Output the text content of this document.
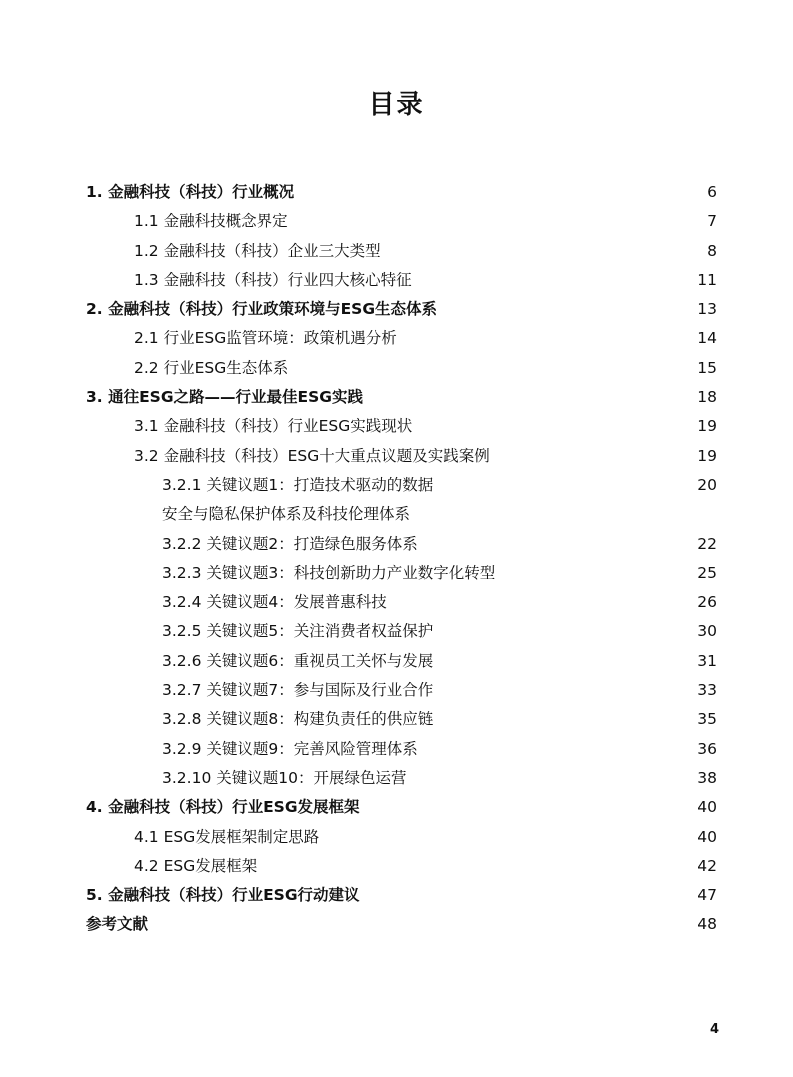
目录
1. 金融科技（科技）行业概况	6
1.1 金融科技概念界定	7
1.2 金融科技（科技）企业三大类型	8
1.3 金融科技（科技）行业四大核心特征	11
2. 金融科技（科技）行业政策环境与ESG生态体系	13
2.1 行业ESG监管环境：政策机遇分析	14
2.2 行业ESG生态体系	15
3. 通往ESG之路——行业最佳ESG实践	18
3.1 金融科技（科技）行业ESG实践现状	19
3.2 金融科技（科技）ESG十大重点议题及实践案例	19
3.2.1 关键议题1：打造技术驱动的数据	20
安全与隐私保护体系及科技伦理体系
3.2.2 关键议题2：打造绿色服务体系	22
3.2.3 关键议题3：科技创新助力产业数字化转型	25
3.2.4 关键议题4：发展普惠科技	26
3.2.5 关键议题5：关注消费者权益保护	30
3.2.6 关键议题6：重视员工关怀与发展	31
3.2.7 关键议题7：参与国际及行业合作	33
3.2.8 关键议题8：构建负责任的供应链	35
3.2.9 关键议题9：完善风险管理体系	36
3.2.10 关键议题10：开展绿色运营	38
4. 金融科技（科技）行业ESG发展框架	40
4.1 ESG发展框架制定思路	40
4.2 ESG发展框架	42
5. 金融科技（科技）行业ESG行动建议	47
参考文献	48
4
